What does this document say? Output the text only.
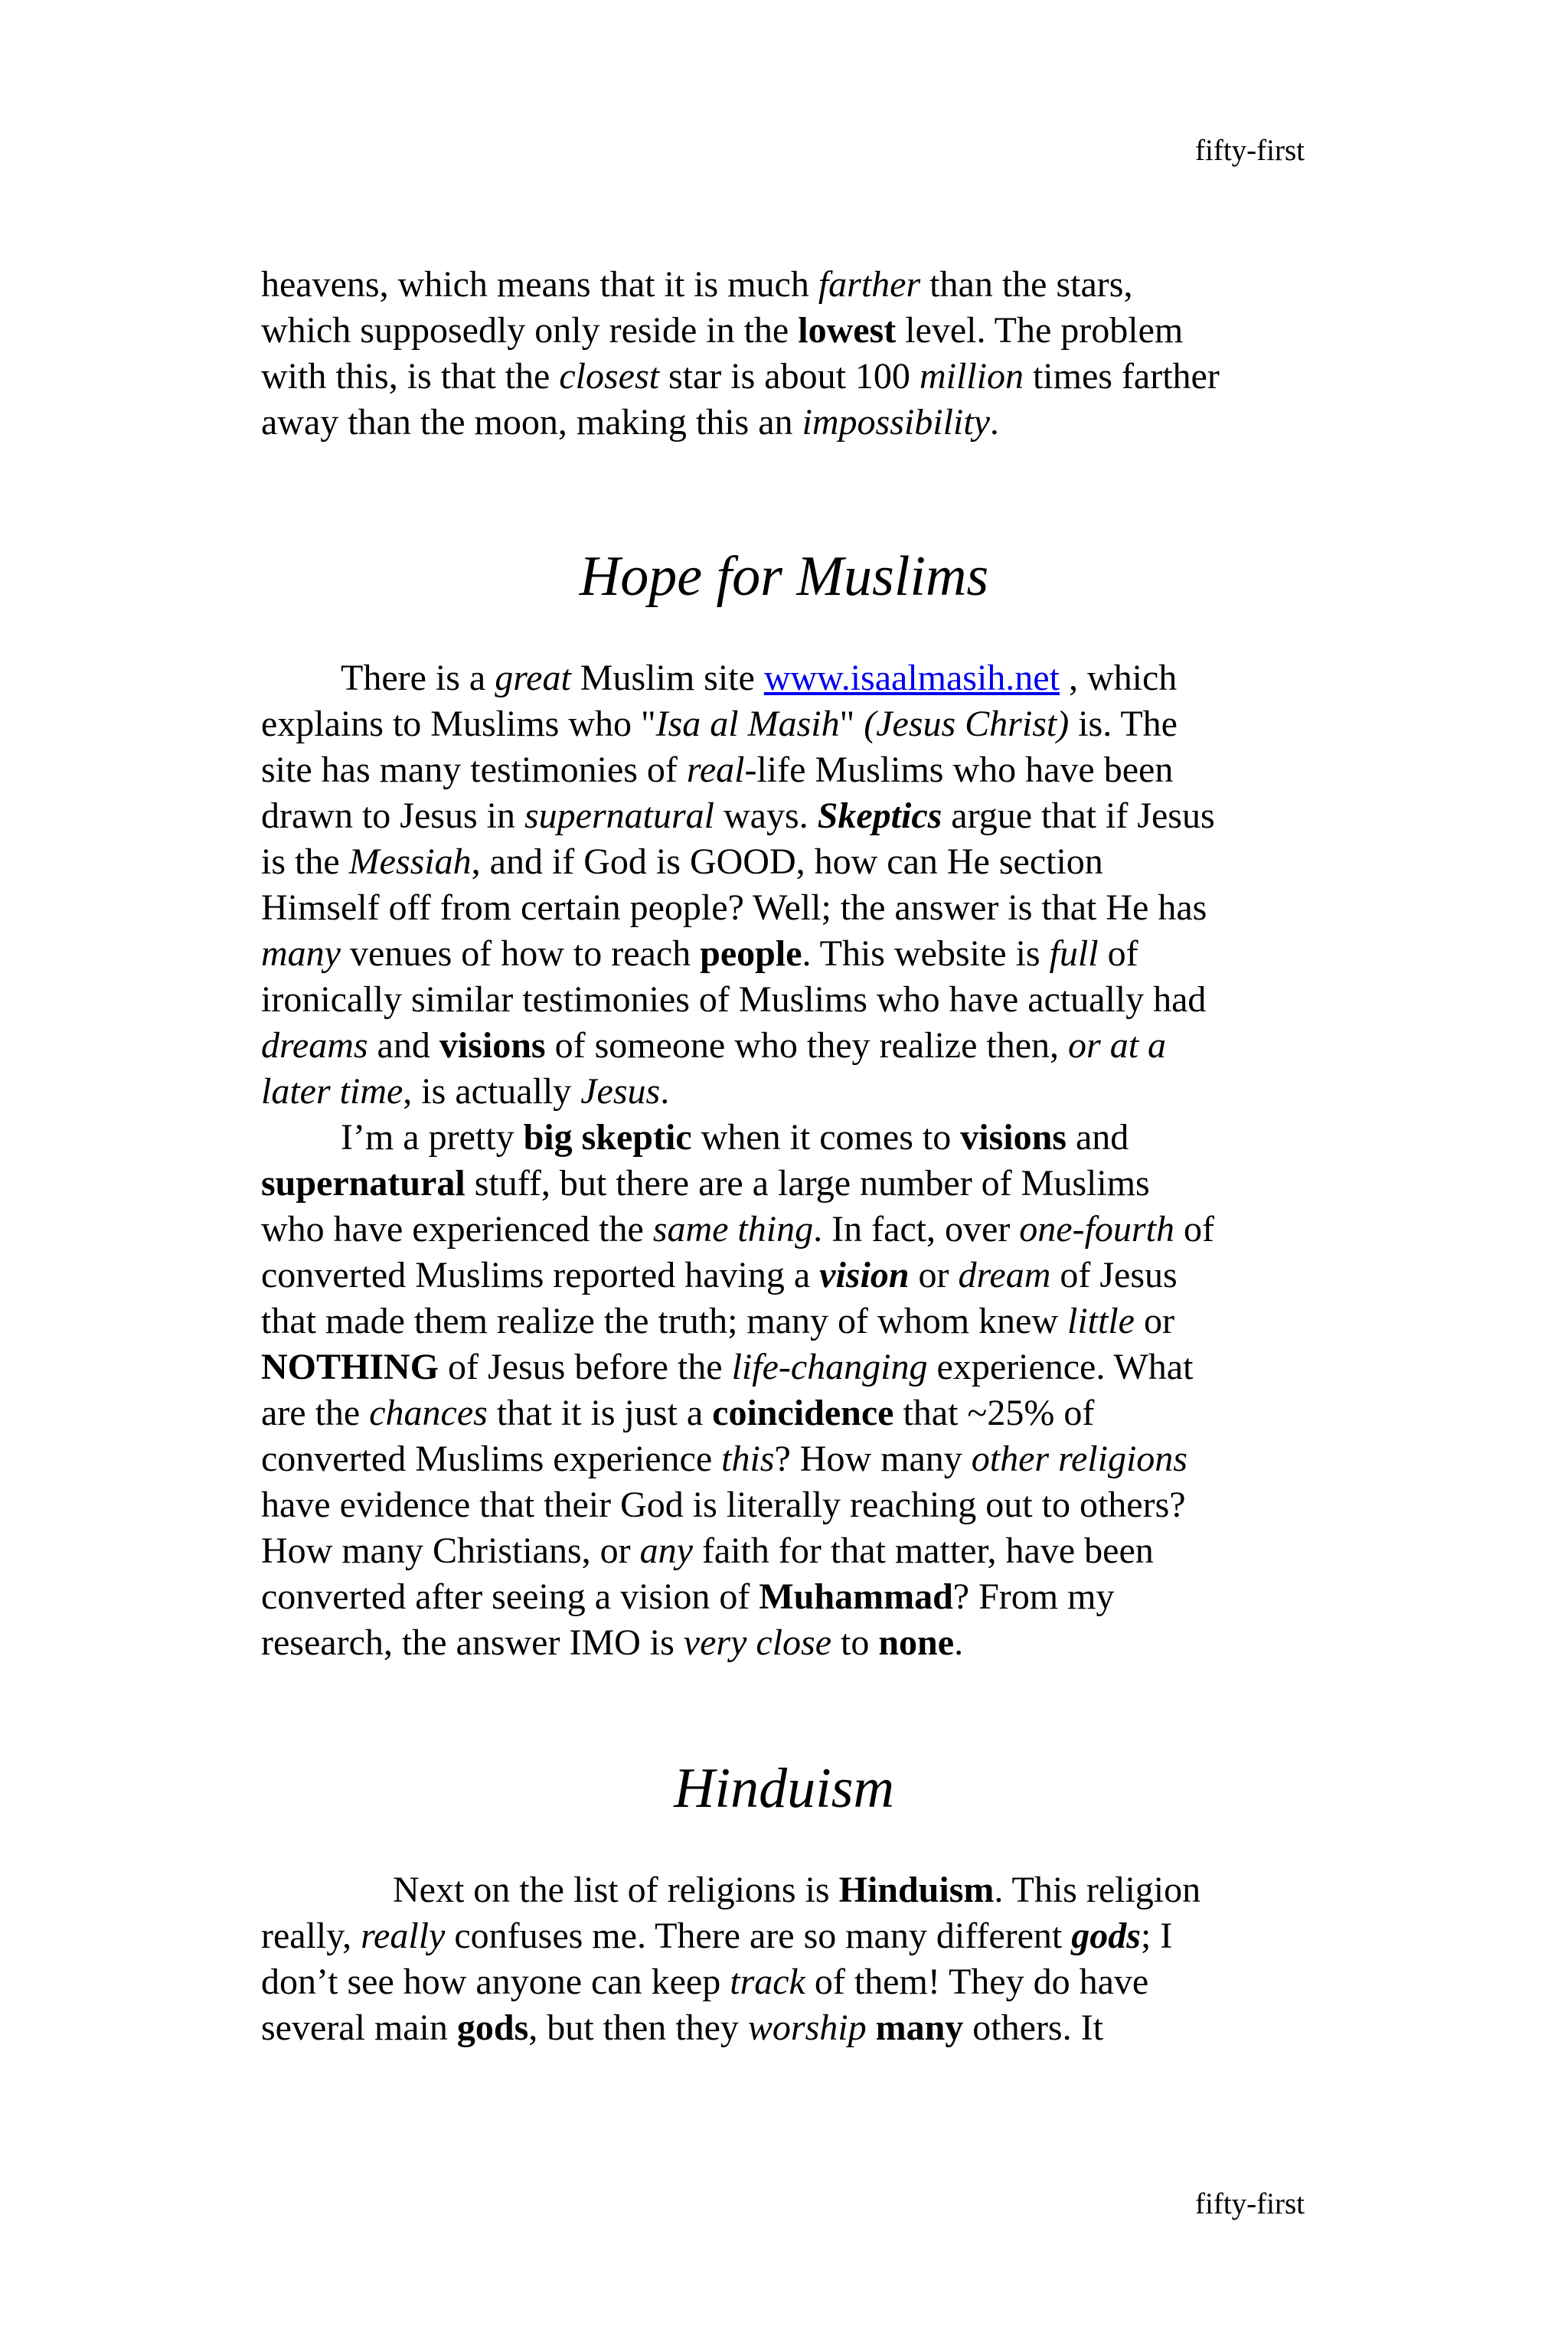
fifty-first

heavens, which means that it is much farther than the stars,
which supposedly only reside in the lowest level. The problem
with this, is that the closest star is about 100 million times farther
away than the moon, making this an impossibility.

Hope for Muslims

There is a great Muslim site www.isaalmasih.net , which
explains to Muslims who "Isa al Masih" (Jesus Christ) is. The
site has many testimonies of real-life Muslims who have been
drawn to Jesus in supernatural ways. Skeptics argue that if Jesus
is the Messiah, and if God is GOOD, how can He section
Himself off from certain people? Well; the answer is that He has
many venues of how to reach people. This website is full of
ironically similar testimonies of Muslims who have actually had
dreams and visions of someone who they realize then, or at a
later time, is actually Jesus.

I’m a pretty big skeptic when it comes to visions and
supernatural stuff, but there are a large number of Muslims
who have experienced the same thing. In fact, over one-fourth of
converted Muslims reported having a vision or dream of Jesus
that made them realize the truth; many of whom knew little or
NOTHING of Jesus before the life-changing experience. What
are the chances that it is just a coincidence that ~25% of
converted Muslims experience this? How many other religions
have evidence that their God is literally reaching out to others?
How many Christians, or any faith for that matter, have been
converted after seeing a vision of Muhammad? From my
research, the answer IMO is very close to none.

Hinduism

Next on the list of religions is Hinduism. This religion
really, really confuses me. There are so many different gods; I
don’t see how anyone can keep track of them! They do have
several main gods, but then they worship many others. It

fifty-first
